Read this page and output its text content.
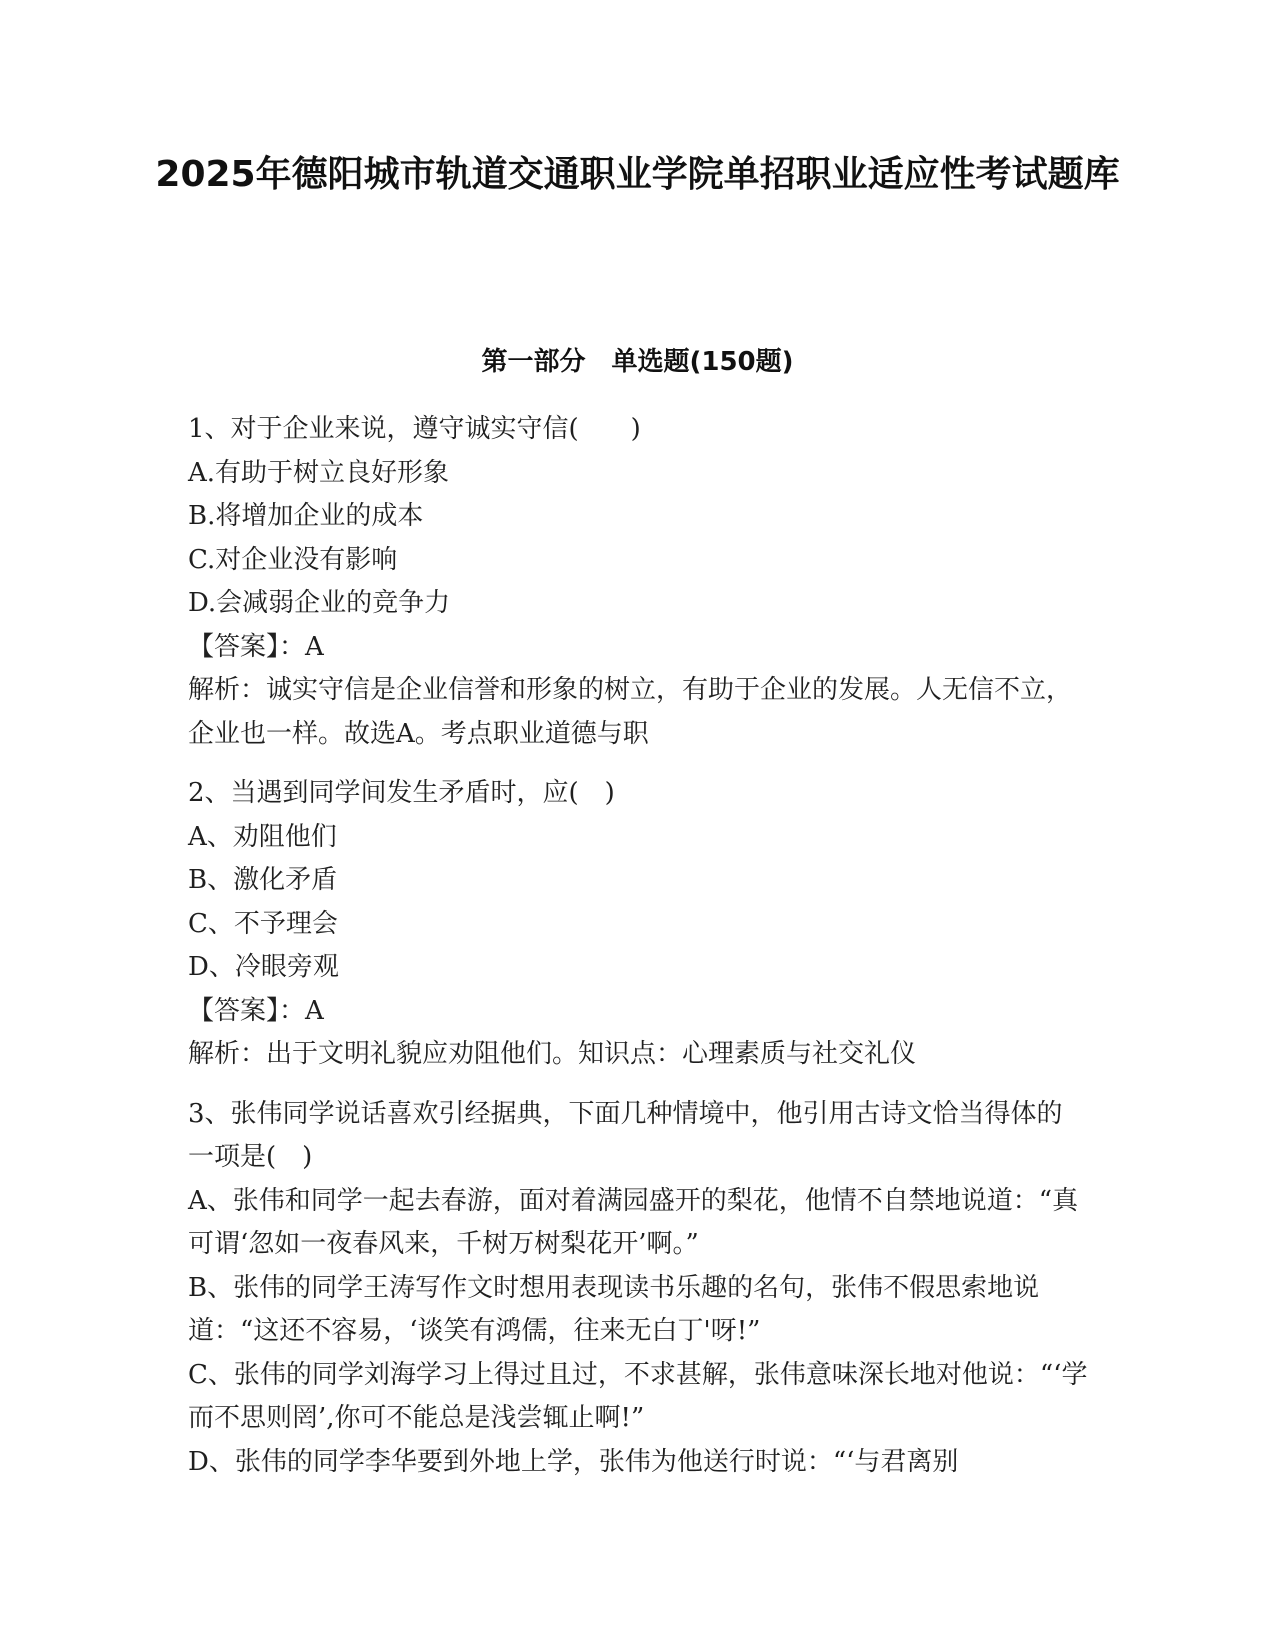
2025年德阳城市轨道交通职业学院单招职业适应性考试题库
第一部分　单选题(150题)
1、对于企业来说，遵守诚实守信(　　)
A.有助于树立良好形象
B.将增加企业的成本
C.对企业没有影响
D.会减弱企业的竞争力
【答案】：A
解析：诚实守信是企业信誉和形象的树立，有助于企业的发展。人无信不立，企业也一样。故选A。考点职业道德与职
2、当遇到同学间发生矛盾时，应(　)
A、劝阻他们
B、激化矛盾
C、不予理会
D、冷眼旁观
【答案】：A
解析：出于文明礼貌应劝阻他们。知识点：心理素质与社交礼仪
3、张伟同学说话喜欢引经据典，下面几种情境中，他引用古诗文恰当得体的一项是(　)
A、张伟和同学一起去春游，面对着满园盛开的梨花，他情不自禁地说道：“真可谓‘忽如一夜春风来，千树万树梨花开’啊。”
B、张伟的同学王涛写作文时想用表现读书乐趣的名句，张伟不假思索地说道：“这还不容易，‘谈笑有鸿儒，往来无白丁'呀!”
C、张伟的同学刘海学习上得过且过，不求甚解，张伟意味深长地对他说：“‘学而不思则罔’,你可不能总是浅尝辄止啊!”
D、张伟的同学李华要到外地上学，张伟为他送行时说：“‘与君离别
